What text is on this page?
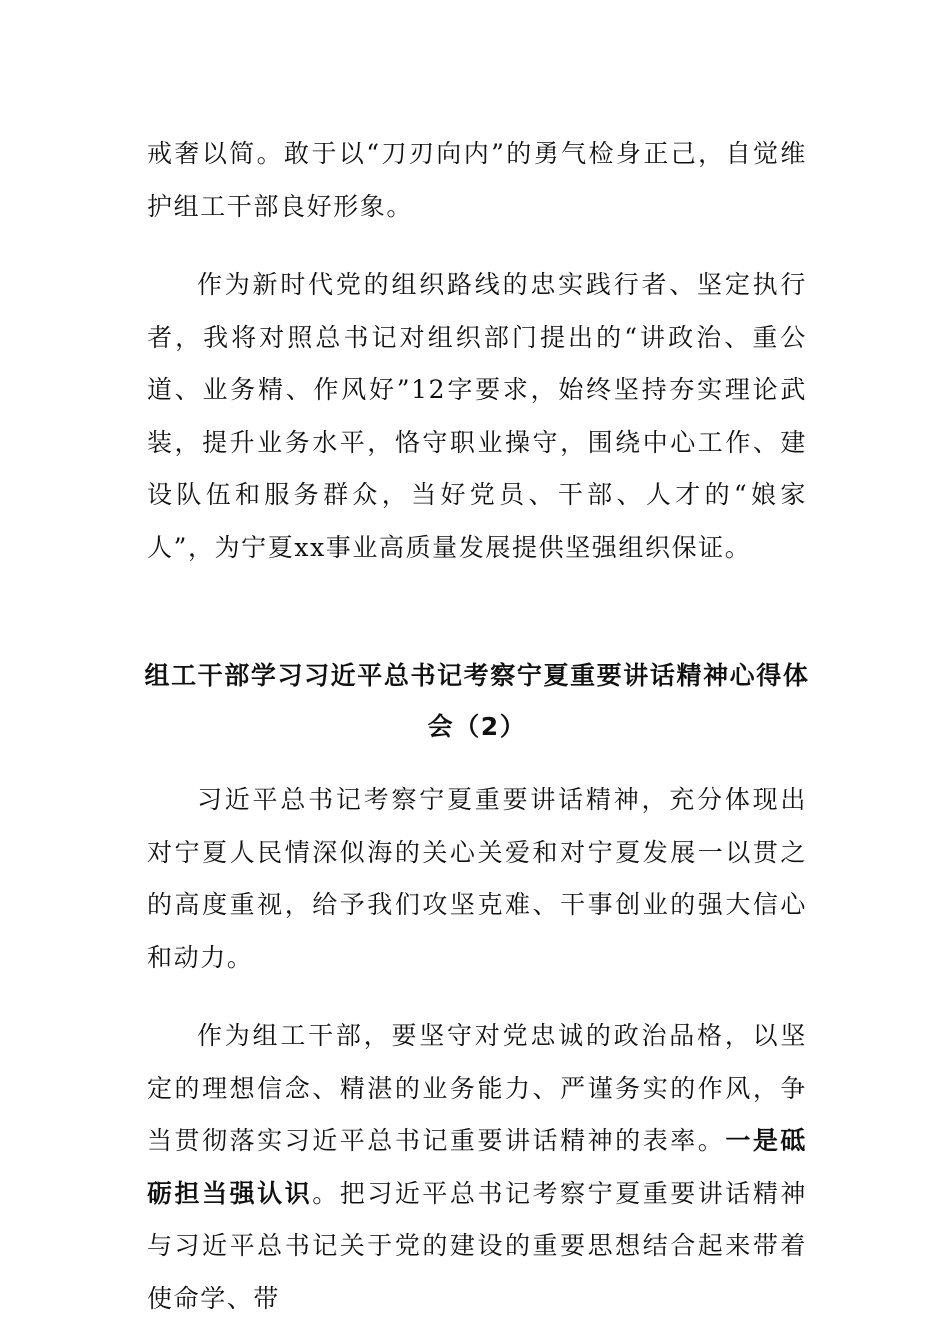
戒奢以简。敢于以“刀刃向内”的勇气检身正己，自觉维护组工干部良好形象。

作为新时代党的组织路线的忠实践行者、坚定执行者，我将对照总书记对组织部门提出的“讲政治、重公道、业务精、作风好”12字要求，始终坚持夯实理论武装，提升业务水平，恪守职业操守，围绕中心工作、建设队伍和服务群众，当好党员、干部、人才的“娘家人”，为宁夏xx事业高质量发展提供坚强组织保证。

组工干部学习习近平总书记考察宁夏重要讲话精神心得体会（2）

习近平总书记考察宁夏重要讲话精神，充分体现出对宁夏人民情深似海的关心关爱和对宁夏发展一以贯之的高度重视，给予我们攻坚克难、干事创业的强大信心和动力。

作为组工干部，要坚守对党忠诚的政治品格，以坚定的理想信念、精湛的业务能力、严谨务实的作风，争当贯彻落实习近平总书记重要讲话精神的表率。一是砥砺担当强认识。把习近平总书记考察宁夏重要讲话精神与习近平总书记关于党的建设的重要思想结合起来带着使命学、带
